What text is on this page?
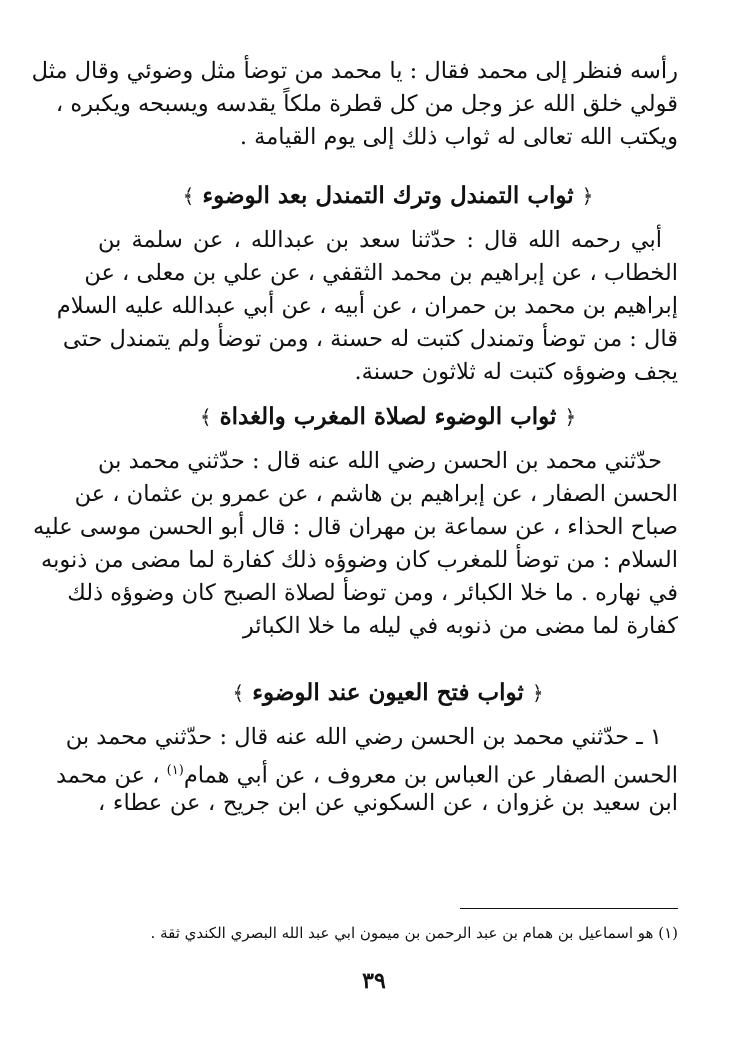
رأسه فنظر إلى محمد فقال : يا محمد من توضأ مثل وضوئي وقال مثل
قولي خلق الله عز وجل من كل قطرة ملكاً يقدسه ويسبحه ويكبره ،
ويكتب الله تعالى له ثواب ذلك إلى يوم القيامة .
﴿ ثواب التمندل وترك التمندل بعد الوضوء ﴾
أبي رحمه الله قال : حدّثنا سعد بن عبدالله ، عن سلمة بن
الخطاب ، عن إبراهيم بن محمد الثقفي ، عن علي بن معلى ، عن
إبراهيم بن محمد بن حمران ، عن أبيه ، عن أبي عبدالله عليه السلام
قال : من توضأ وتمندل كتبت له حسنة ، ومن توضأ ولم يتمندل حتى
يجف وضوؤه كتبت له ثلاثون حسنة.
﴿ ثواب الوضوء لصلاة المغرب والغداة ﴾
حدّثني محمد بن الحسن رضي الله عنه قال : حدّثني محمد بن
الحسن الصفار ، عن إبراهيم بن هاشم ، عن عمرو بن عثمان ، عن
صباح الحذاء ، عن سماعة بن مهران قال : قال أبو الحسن موسى عليه
السلام : من توضأ للمغرب كان وضوؤه ذلك كفارة لما مضى من ذنوبه
في نهاره . ما خلا الكبائر ، ومن توضأ لصلاة الصبح كان وضوؤه ذلك
كفارة لما مضى من ذنوبه في ليله ما خلا الكبائر
﴿ ثواب فتح العيون عند الوضوء ﴾
١ ـ حدّثني محمد بن الحسن رضي الله عنه قال : حدّثني محمد بن
الحسن الصفار عن العباس بن معروف ، عن أبي همام$^{(١)}$ ، عن محمد
ابن سعيد بن غزوان ، عن السكوني عن ابن جريح ، عن عطاء ،
(١) هو اسماعيل بن همام بن عبد الرحمن بن ميمون ابي عبد الله البصري الكندي ثقة .
٣٩
